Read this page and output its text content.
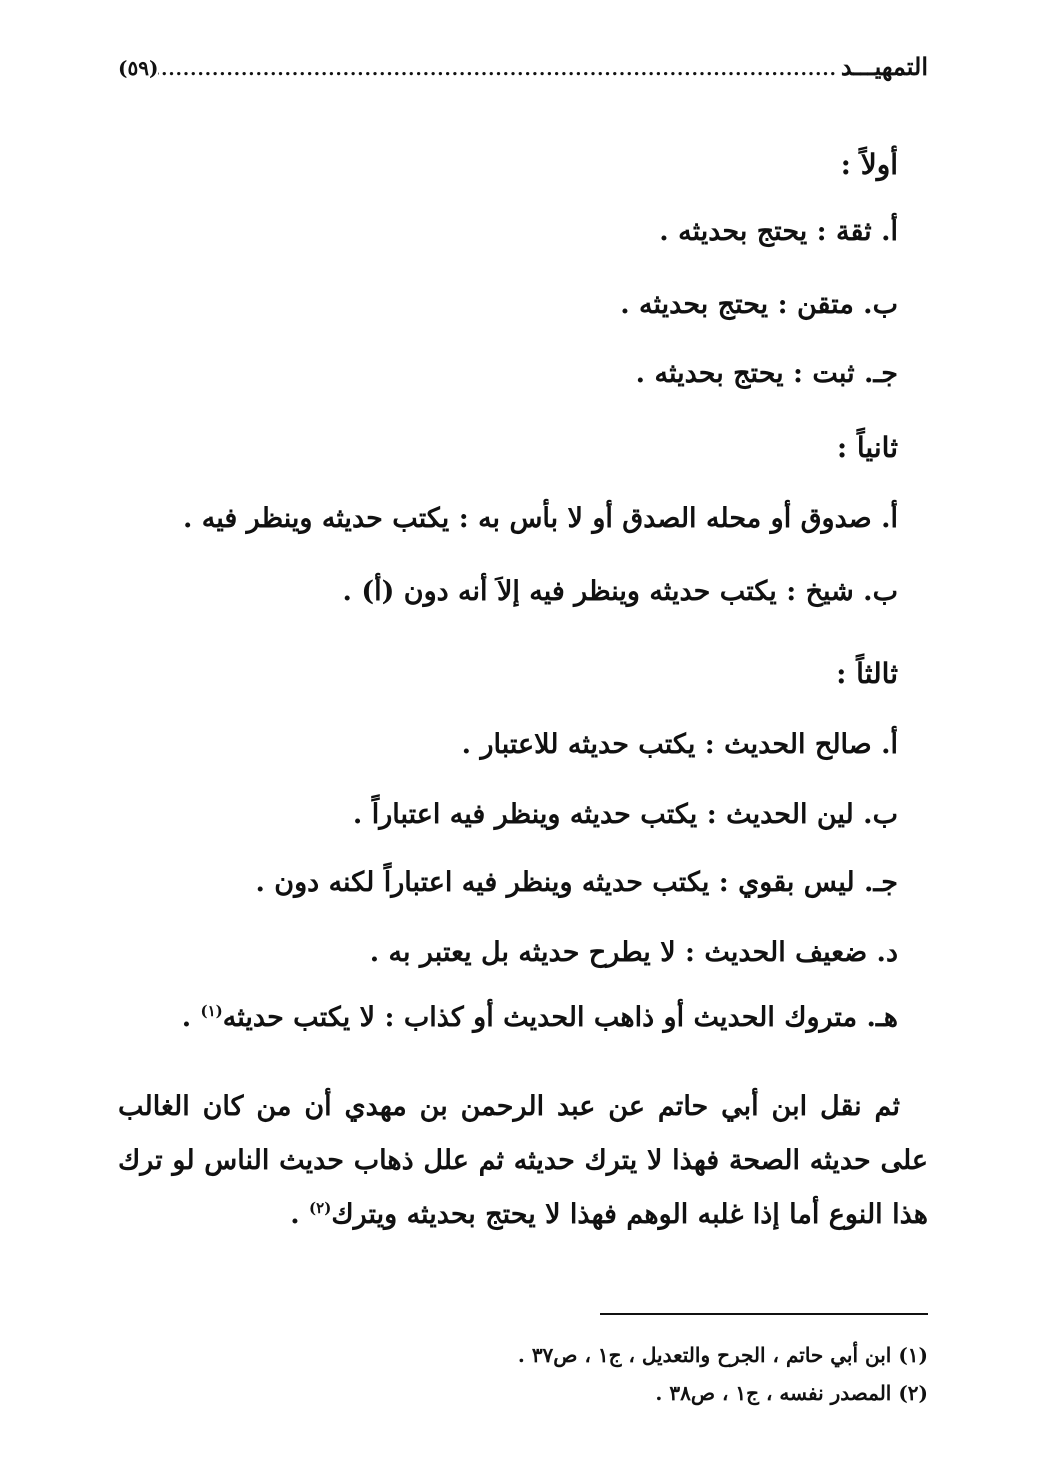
التمهيـــد
.....
(٥٩)
أولاً :
أ. ثقة : يحتج بحديثه .
ب. متقن : يحتج بحديثه .
جـ. ثبت : يحتج بحديثه .
ثانياً :
أ. صدوق أو محله الصدق أو لا بأس به : يكتب حديثه وينظر فيه .
ب. شيخ : يكتب حديثه وينظر فيه إلاَ أنه دون (أ) .
ثالثاً :
أ. صالح الحديث : يكتب حديثه للاعتبار .
ب. لين الحديث : يكتب حديثه وينظر فيه اعتباراً .
جـ. ليس بقوي : يكتب حديثه وينظر فيه اعتباراً لكنه دون .
د. ضعيف الحديث : لا يطرح حديثه بل يعتبر به .
هـ. متروك الحديث أو ذاهب الحديث أو كذاب : لا يكتب حديثه$^{(١)}$ .
ثم نقل ابن أبي حاتم عن عبد الرحمن بن مهدي أن من كان الغالب على حديثه الصحة فهذا لا يترك حديثه ثم علل ذهاب حديث الناس لو ترك هذا النوع أما إذا غلبه الوهم فهذا لا يحتج بحديثه ويترك$^{(٢)}$ .
(١) ابن أبي حاتم ، الجرح والتعديل ، ج١ ، ص٣٧ .
(٢) المصدر نفسه ، ج١ ، ص٣٨ .
